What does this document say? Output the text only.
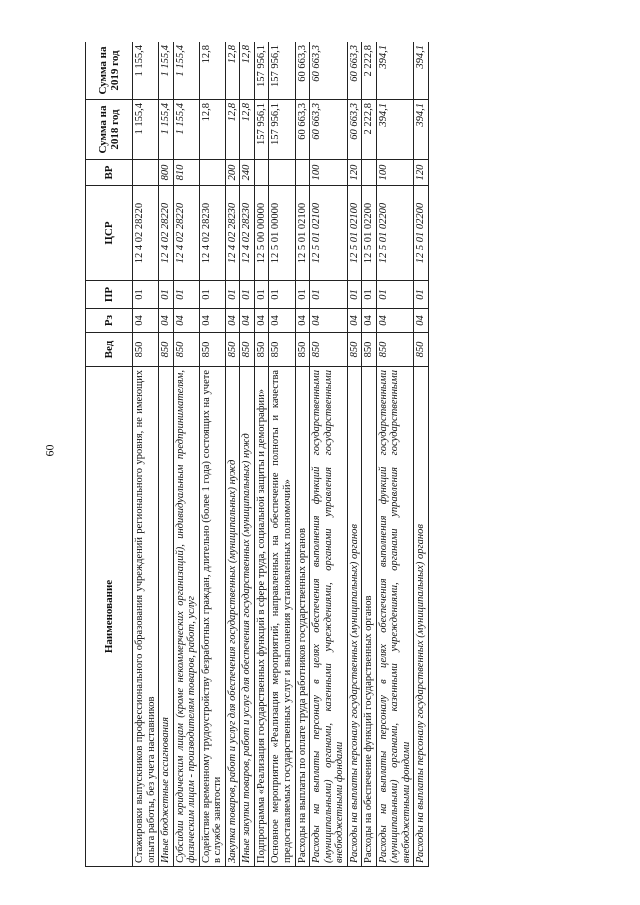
60
Наименование	Вед	Рз	ПР	ЦСР	ВР	Сумма на 2018 год	Сумма на 2019 год
Стажировки выпускников профессионального образования учреждений регионального уровня, не имеющих опыта работы, без учета наставников	850	04	01	12 4 02 28220		1 155,4	1 155,4
Иные бюджетные ассигнования	850	04	01	12 4 02 28220	800	1 155,4	1 155,4
Субсидии юридическим лицам (кроме некоммерческих организаций), индивидуальным предпринимателям, физическим лицам - производителям товаров, работ, услуг	850	04	01	12 4 02 28220	810	1 155,4	1 155,4
Содействие временному трудоустройству безработных граждан, длительно (более 1 года) состоящих на учете в службе занятости	850	04	01	12 4 02 28230		12,8	12,8
Закупка товаров, работ и услуг для обеспечения государственных (муниципальных) нужд	850	04	01	12 4 02 28230	200	12,8	12,8
Иные закупки товаров, работ и услуг для обеспечения государственных (муниципальных) нужд	850	04	01	12 4 02 28230	240	12,8	12,8
Подпрограмма «Реализация государственных функций в сфере труда, социальной защиты и демографии»	850	04	01	12 5 00 00000		157 956,1	157 956,1
Основное мероприятие «Реализация мероприятий, направленных на обеспечение полноты и качества предоставляемых государственных услуг и выполнения установленных полномочий»	850	04	01	12 5 01 00000		157 956,1	157 956,1
Расходы на выплаты по оплате труда работников государственных органов	850	04	01	12 5 01 02100		60 663,3	60 663,3
Расходы на выплаты персоналу в целях обеспечения выполнения функций государственными (муниципальными) органами, казенными учреждениями, органами управления государственными внебюджетными фондами	850	04	01	12 5 01 02100	100	60 663,3	60 663,3
Расходы на выплаты персоналу государственных (муниципальных) органов	850	04	01	12 5 01 02100	120	60 663,3	60 663,3
Расходы на обеспечение функций государственных органов	850	04	01	12 5 01 02200		2 222,8	2 222,8
Расходы на выплаты персоналу в целях обеспечения выполнения функций государственными (муниципальными) органами, казенными учреждениями, органами управления государственными внебюджетными фондами	850	04	01	12 5 01 02200	100	394,1	394,1
Расходы на выплаты персоналу государственных (муниципальных) органов	850	04	01	12 5 01 02200	120	394,1	394,1
